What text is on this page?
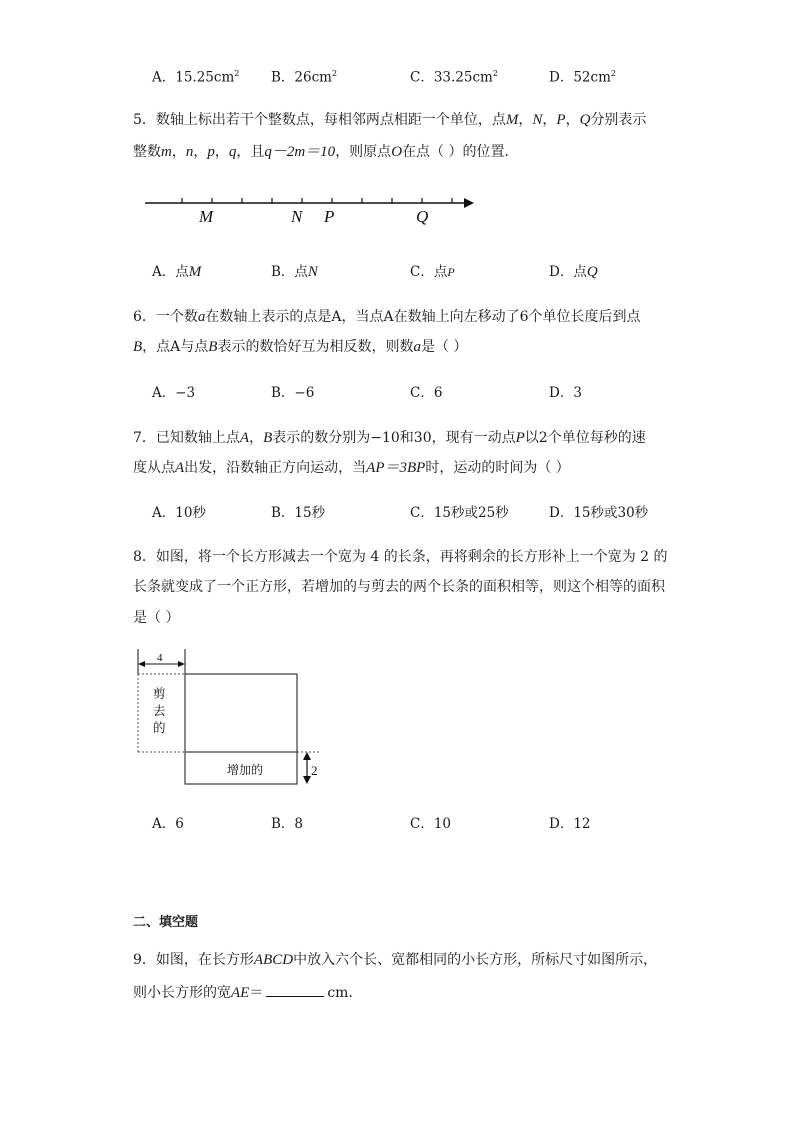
A．$15.25cm^2$ B．$26cm^2$	C．$33.25cm^2$	D．$52cm^2$
5．数轴上标出若干个整数点，每相邻两点相距一个单位，点M，N，P，Q分别表示
整数m，n，p，q，且q－2m＝10，则原点O在点（ ）的位置．
M	N P	Q
A．点M	B．点N	C．点P	D．点Q
6．一个数a在数轴上表示的点是A，当点A在数轴上向左移动了6个单位长度后到点
B，点A与点B表示的数恰好互为相反数，则数a是（ ）
A．−3	B．−6	C．6	D．3
7．已知数轴上点A，B表示的数分别为−10和30，现有一动点P以2个单位每秒的速
度从点A出发，沿数轴正方向运动，当AP＝3BP时，运动的时间为（ ）
A．10秒	B．15秒	C．15秒或25秒	D．15秒或30秒
8．如图，将一个长方形减去一个宽为 4 的长条，再将剩余的长方形补上一个宽为 2 的
长条就变成了一个正方形，若增加的与剪去的两个长条的面积相等，则这个相等的面积
是（ ）
4
剪
去
的
增加的	2
A．6	B．8	C．10	D．12
二、填空题
9．如图，在长方形ABCD中放入六个长、宽都相同的小长方形，所标尺寸如图所示，
则小长方形的宽AE＝	cm．
